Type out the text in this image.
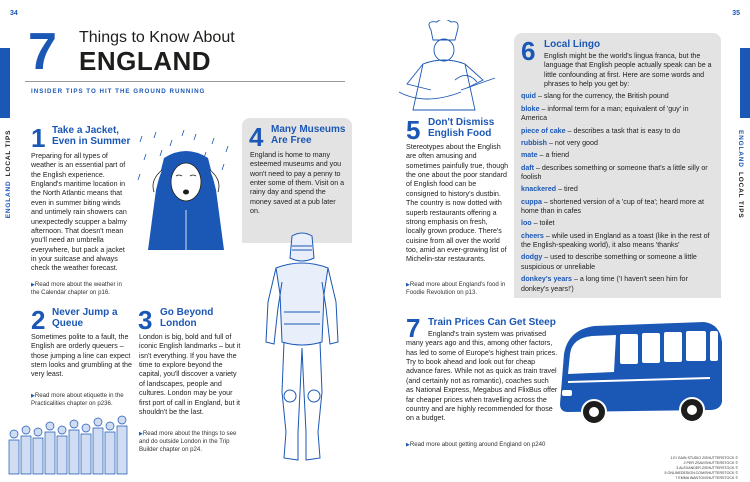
34	35
ENGLANDLOCAL TIPS	ENGLANDLOCAL TIPS
7 Things to Know About
ENGLAND
INSIDER TIPS TO HIT THE GROUND RUNNING
1 Take a Jacket, Even in Summer
Preparing for all types of weather is an essential part of the English experience. England's maritime location in the North Atlantic means that even in summer biting winds and untimely rain showers can unexpectedly scupper a balmy afternoon. That doesn't mean you'll need an umbrella everywhere, but pack a jacket in your suitcase and always check the weather forecast.
▶ Read more about the weather in the Calendar chapter on p16.
4 Many Museums Are Free
England is home to many esteemed museums and you won't need to pay a penny to enter some of them. Visit on a rainy day and spend the money saved at a pub later on.
2 Never Jump a Queue
Sometimes polite to a fault, the English are orderly queuers – those jumping a line can expect stern looks and grumbling at the very least.
▶ Read more about etiquette in the Practicalities chapter on p236.
3 Go Beyond London
London is big, bold and full of iconic English landmarks – but it isn't everything. If you have the time to explore beyond the capital, you'll discover a variety of landscapes, people and cultures. London may be your first port of call in England, but it shouldn't be the last.
▶ Read more about the things to see and do outside London in the Trip Builder chapter on p24.
5 Don't Dismiss English Food
Stereotypes about the English are often amusing and sometimes painfully true, though the one about the poor standard of English food can be consigned to history's dustbin. The country is now dotted with superb restaurants offering a strong emphasis on fresh, locally grown produce. There's cuisine from all over the world too, amid an ever-growing list of Michelin-star restaurants.
▶ Read more about England's food in Foodie Revolution on p13.
6 Local Lingo

English might be the world's lingua franca, but the language that English people actually speak can be a little confounding at first. Here are some words and phrases to help you get by:

quid – slang for the currency, the British pound

bloke – informal term for a man; equivalent of 'guy' in America

piece of cake – describes a task that is easy to do

rubbish – not very good

mate – a friend

daft – describes something or someone that's a little silly or foolish

knackered – tired

cuppa – shortened version of a 'cup of tea'; heard more at home than in cafes

loo – toilet

cheers – while used in England as a toast (like in the rest of the English-speaking world), it also means 'thanks'

dodgy – used to describe something or someone a little suspicious or unreliable

donkey's years – a long time ('I haven't seen him for donkey's years!')

7 Train Prices Can Get Steep
England's train system was privatised many years ago and this, among other factors, has led to some of Europe's highest train prices. Try to book ahead and look out for cheap advance fares. While not as quick as train travel (and certainly not as romantic), coaches such as National Express, Megabus and FlixBus offer far cheaper prices when travelling across the country and are highly recommended for those on a budget.
▶ Read more about getting around England on p240
1 EI GAIN STUDIO 2/SHUTTERSTOCK ©
2 PER ZSAV/SHUTTERSTOCK ©
3 ALEXANDER.Z/SHUTTERSTOCK ©
5 ONLINEDESIGN.COM/SHUTTERSTOCK ©
7 EMMA WANTOI/SHUTTERSTOCK ©
